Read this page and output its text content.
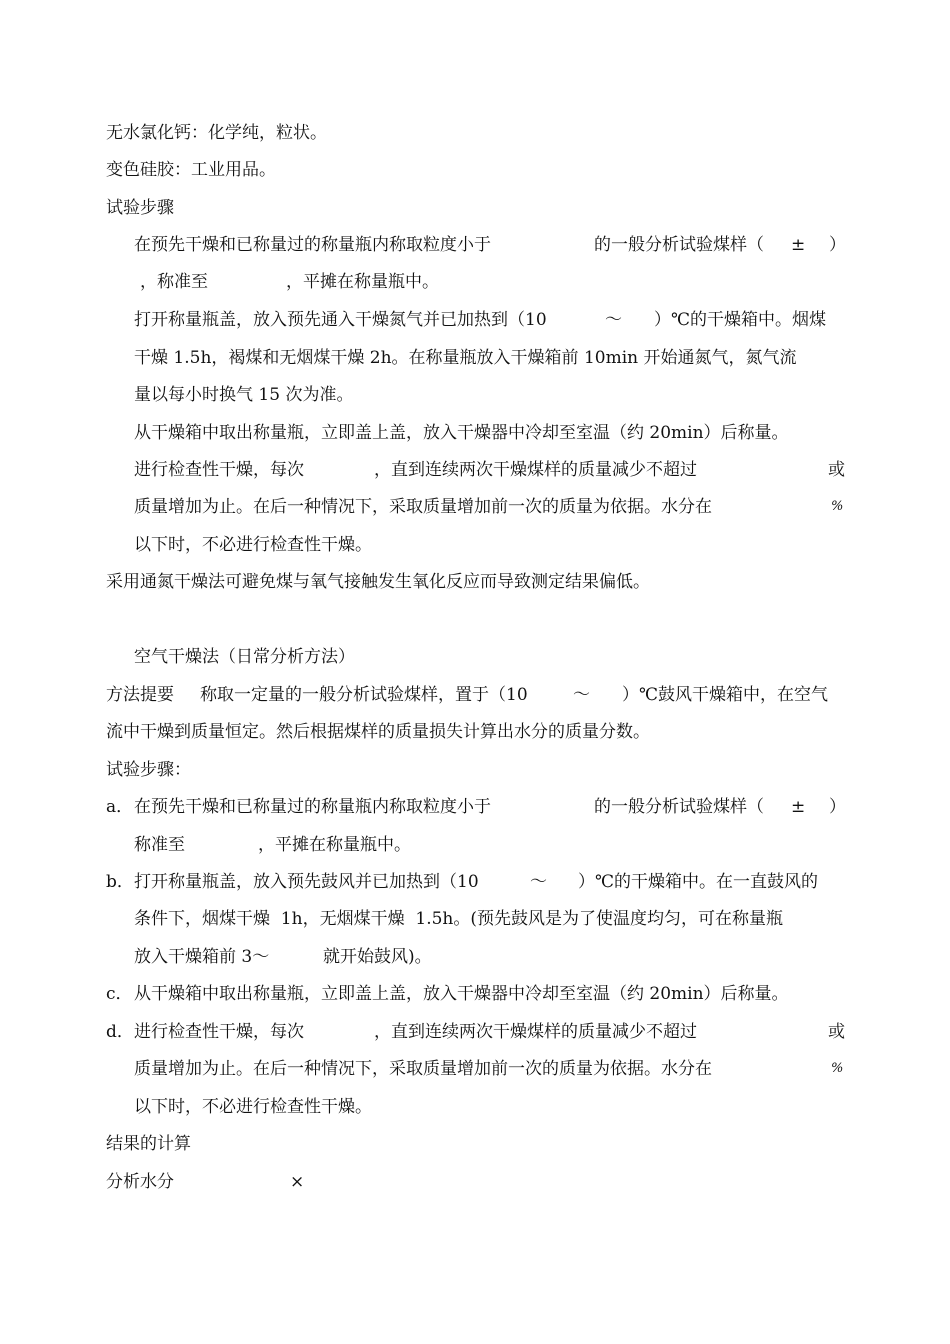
无水氯化钙：化学纯，粒状。
变色硅胶：工业用品。
试验步骤
在预先干燥和已称量过的称量瓶内称取粒度小于	的一般分析试验煤样（ ± ）
，称准至	，平摊在称量瓶中。
打开称量瓶盖，放入预先通入干燥氮气并已加热到（10	～ ）℃的干燥箱中。烟煤
干燥 1.5h，褐煤和无烟煤干燥 2h。在称量瓶放入干燥箱前 10min 开始通氮气，氮气流
量以每小时换气 15 次为准。
从干燥箱中取出称量瓶，立即盖上盖，放入干燥器中冷却至室温（约 20min）后称量。
进行检查性干燥，每次	，直到连续两次干燥煤样的质量减少不超过	或
质量增加为止。在后一种情况下，采取质量增加前一次的质量为依据。水分在	%
以下时，不必进行检查性干燥。
采用通氮干燥法可避免煤与氧气接触发生氧化反应而导致测定结果偏低。
空气干燥法（日常分析方法）
方法提要 称取一定量的一般分析试验煤样，置于（10	～ ）℃鼓风干燥箱中，在空气
流中干燥到质量恒定。然后根据煤样的质量损失计算出水分的质量分数。
试验步骤：
a． 在预先干燥和已称量过的称量瓶内称取粒度小于	的一般分析试验煤样（ ± ）
称准至	，平摊在称量瓶中。
b． 打开称量瓶盖，放入预先鼓风并已加热到（10	～ ）℃的干燥箱中。在一直鼓风的
条件下，烟煤干燥  1h，无烟煤干燥  1.5h。(预先鼓风是为了使温度均匀，可在称量瓶
放入干燥箱前 3～	就开始鼓风)。
c． 从干燥箱中取出称量瓶，立即盖上盖，放入干燥器中冷却至室温（约 20min）后称量。
d． 进行检查性干燥，每次	，直到连续两次干燥煤样的质量减少不超过	或
质量增加为止。在后一种情况下，采取质量增加前一次的质量为依据。水分在	%
以下时，不必进行检查性干燥。
结果的计算
分析水分	×
